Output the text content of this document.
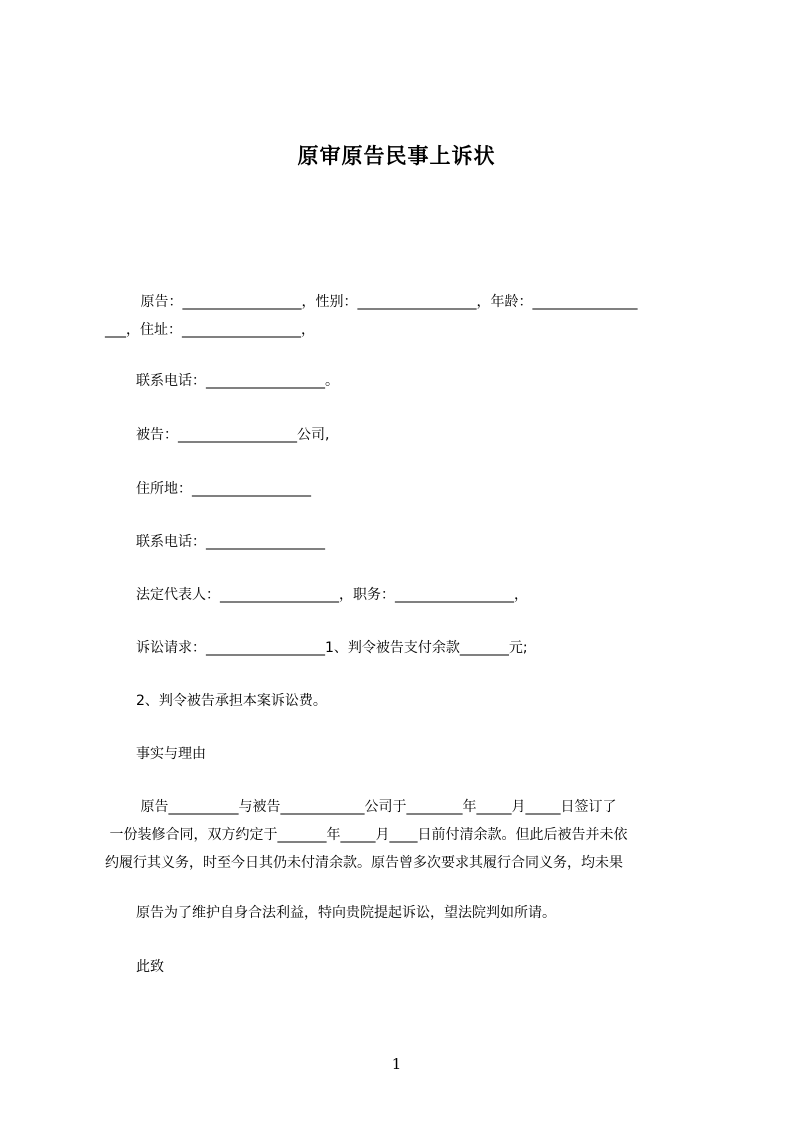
原审原告民事上诉状
原告：_________________，性别：_________________，年龄：_______________
___，住址：_________________，
联系电话：_________________。
被告：_________________公司,
住所地：_________________
联系电话：_________________
法定代表人：_________________，职务：_________________，
诉讼请求：_________________1、判令被告支付余款_______元;
2、判令被告承担本案诉讼费。
事实与理由
原告__________与被告____________公司于________年_____月_____日签订了
一份装修合同，双方约定于_______年_____月____日前付清余款。但此后被告并未依
约履行其义务，时至今日其仍未付清余款。原告曾多次要求其履行合同义务，均未果
原告为了维护自身合法利益，特向贵院提起诉讼，望法院判如所请。
此致
1
